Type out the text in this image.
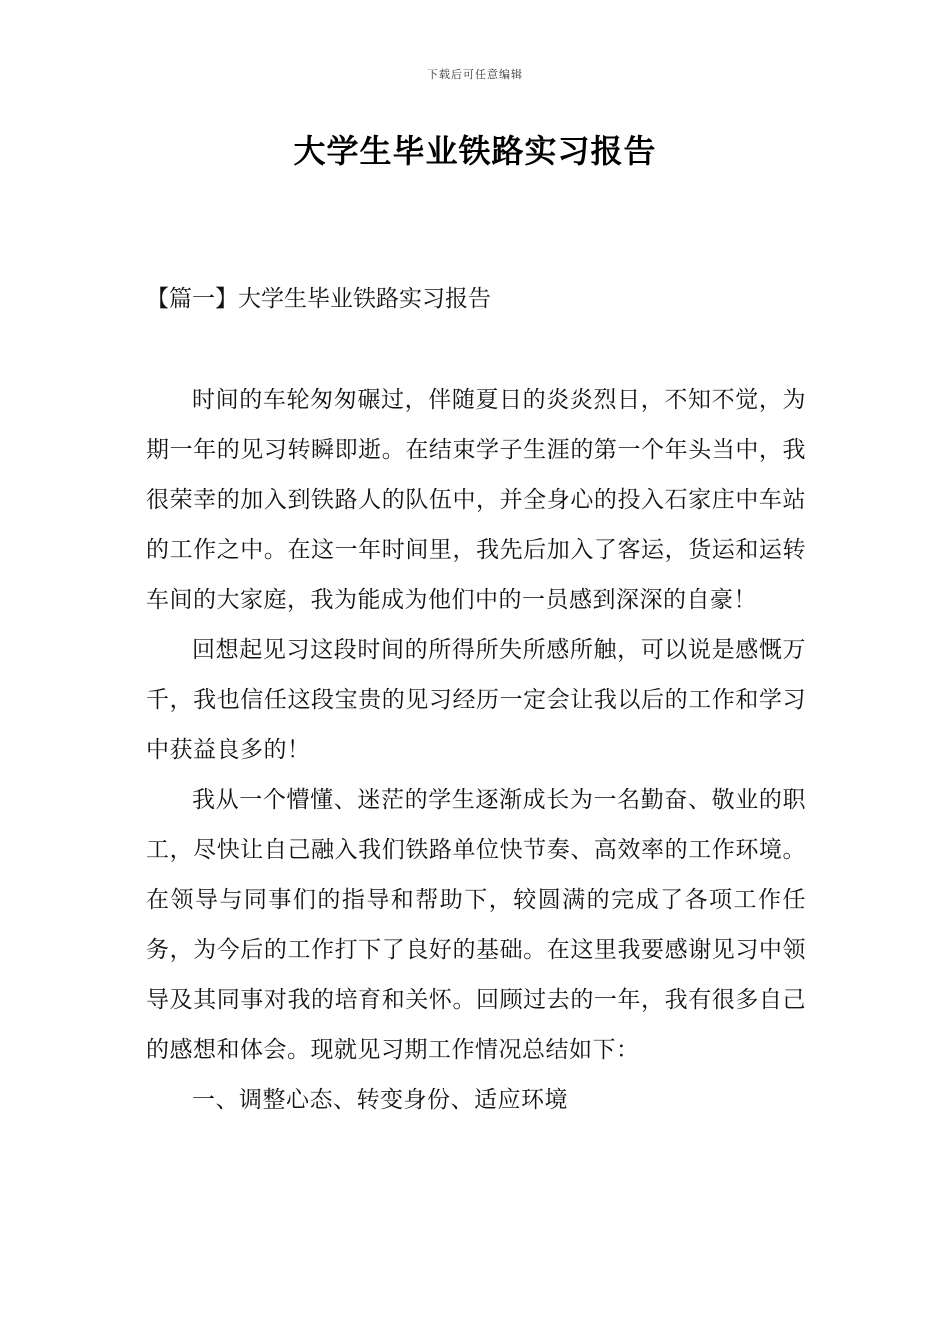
下载后可任意编辑
大学生毕业铁路实习报告
【篇一】大学生毕业铁路实习报告

时间的车轮匆匆碾过，伴随夏日的炎炎烈日，不知不觉，为期一年的见习转瞬即逝。在结束学子生涯的第一个年头当中，我很荣幸的加入到铁路人的队伍中，并全身心的投入石家庄中车站的工作之中。在这一年时间里，我先后加入了客运，货运和运转车间的大家庭，我为能成为他们中的一员感到深深的自豪！

回想起见习这段时间的所得所失所感所触，可以说是感慨万千，我也信任这段宝贵的见习经历一定会让我以后的工作和学习中获益良多的！

我从一个懵懂、迷茫的学生逐渐成长为一名勤奋、敬业的职工，尽快让自己融入我们铁路单位快节奏、高效率的工作环境。在领导与同事们的指导和帮助下，较圆满的完成了各项工作任务，为今后的工作打下了良好的基础。在这里我要感谢见习中领导及其同事对我的培育和关怀。回顾过去的一年，我有很多自己的感想和体会。现就见习期工作情况总结如下：

一、调整心态、转变身份、适应环境
